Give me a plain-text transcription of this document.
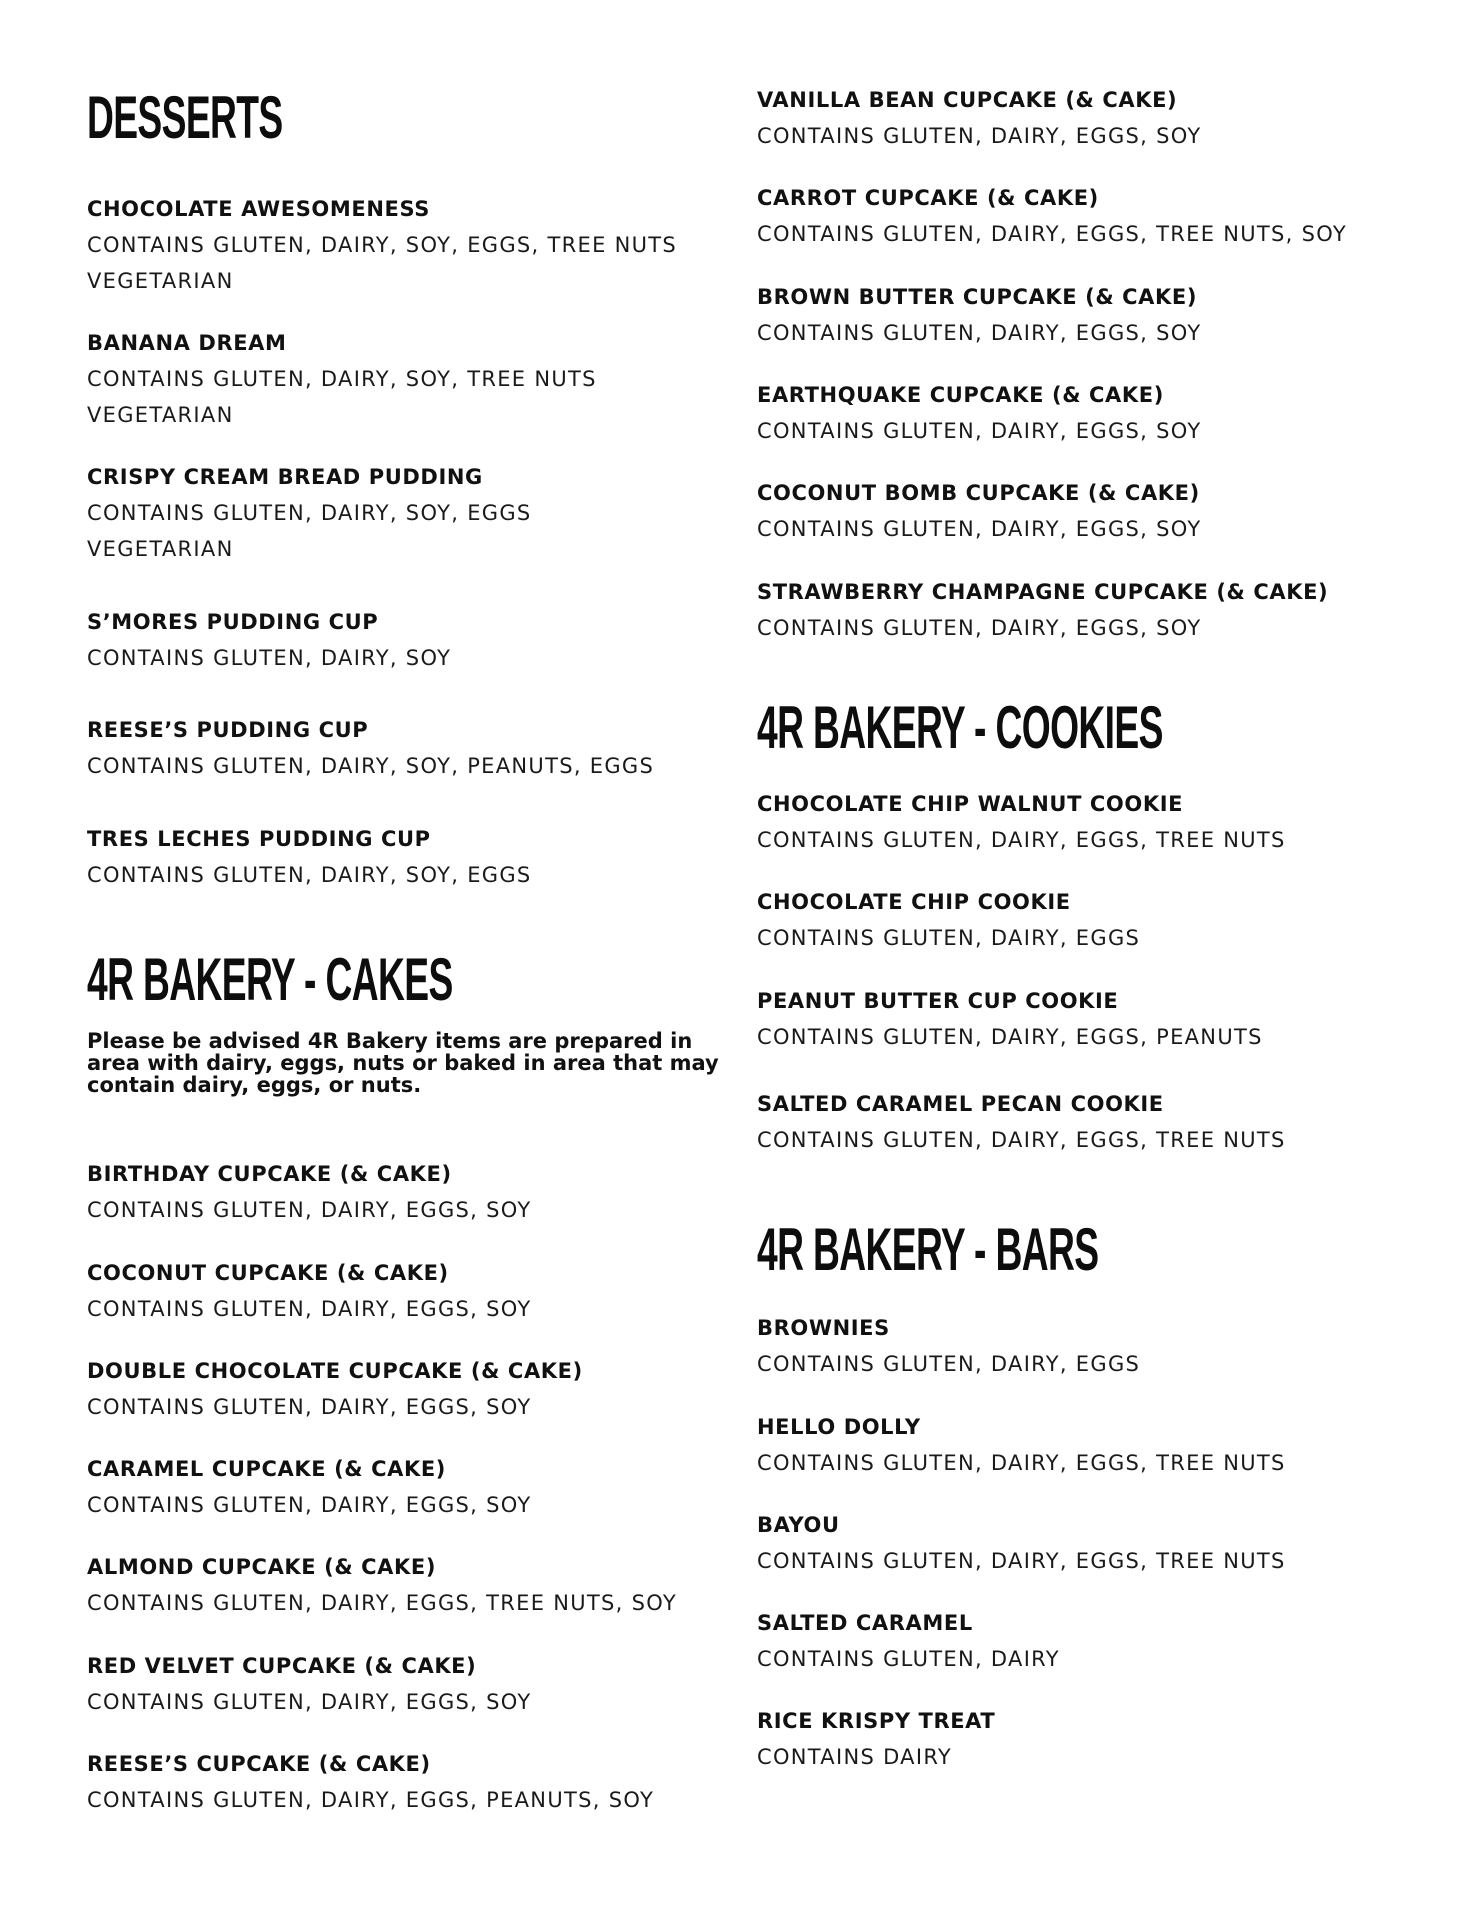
DESSERTS
CHOCOLATE AWESOMENESS
CONTAINS GLUTEN, DAIRY, SOY, EGGS, TREE NUTS
VEGETARIAN
BANANA DREAM
CONTAINS GLUTEN, DAIRY, SOY, TREE NUTS
VEGETARIAN
CRISPY CREAM BREAD PUDDING
CONTAINS GLUTEN, DAIRY, SOY, EGGS
VEGETARIAN
S’MORES PUDDING CUP
CONTAINS GLUTEN, DAIRY, SOY
REESE’S PUDDING CUP
CONTAINS GLUTEN, DAIRY, SOY, PEANUTS, EGGS
TRES LECHES PUDDING CUP
CONTAINS GLUTEN, DAIRY, SOY, EGGS
4R BAKERY - CAKES

Please be advised 4R Bakery items are prepared in area with dairy, eggs, nuts or baked in area that may contain dairy, eggs, or nuts.

BIRTHDAY CUPCAKE (& CAKE)
CONTAINS GLUTEN, DAIRY, EGGS, SOY
COCONUT CUPCAKE (& CAKE)
CONTAINS GLUTEN, DAIRY, EGGS, SOY
DOUBLE CHOCOLATE CUPCAKE (& CAKE)
CONTAINS GLUTEN, DAIRY, EGGS, SOY
CARAMEL CUPCAKE (& CAKE)
CONTAINS GLUTEN, DAIRY, EGGS, SOY
ALMOND CUPCAKE (& CAKE)
CONTAINS GLUTEN, DAIRY, EGGS, TREE NUTS, SOY
RED VELVET CUPCAKE (& CAKE)
CONTAINS GLUTEN, DAIRY, EGGS, SOY
REESE’S CUPCAKE (& CAKE)
CONTAINS GLUTEN, DAIRY, EGGS, PEANUTS, SOY
VANILLA BEAN CUPCAKE (& CAKE)
CONTAINS GLUTEN, DAIRY, EGGS, SOY
CARROT CUPCAKE (& CAKE)
CONTAINS GLUTEN, DAIRY, EGGS, TREE NUTS, SOY
BROWN BUTTER CUPCAKE (& CAKE)
CONTAINS GLUTEN, DAIRY, EGGS, SOY
EARTHQUAKE CUPCAKE (& CAKE)
CONTAINS GLUTEN, DAIRY, EGGS, SOY
COCONUT BOMB CUPCAKE (& CAKE)
CONTAINS GLUTEN, DAIRY, EGGS, SOY
STRAWBERRY CHAMPAGNE CUPCAKE (& CAKE)
CONTAINS GLUTEN, DAIRY, EGGS, SOY
4R BAKERY - COOKIES
CHOCOLATE CHIP WALNUT COOKIE
CONTAINS GLUTEN, DAIRY, EGGS, TREE NUTS
CHOCOLATE CHIP COOKIE
CONTAINS GLUTEN, DAIRY, EGGS
PEANUT BUTTER CUP COOKIE
CONTAINS GLUTEN, DAIRY, EGGS, PEANUTS
SALTED CARAMEL PECAN COOKIE
CONTAINS GLUTEN, DAIRY, EGGS, TREE NUTS
4R BAKERY - BARS
BROWNIES
CONTAINS GLUTEN, DAIRY, EGGS
HELLO DOLLY
CONTAINS GLUTEN, DAIRY, EGGS, TREE NUTS
BAYOU
CONTAINS GLUTEN, DAIRY, EGGS, TREE NUTS
SALTED CARAMEL
CONTAINS GLUTEN, DAIRY
RICE KRISPY TREAT
CONTAINS DAIRY
